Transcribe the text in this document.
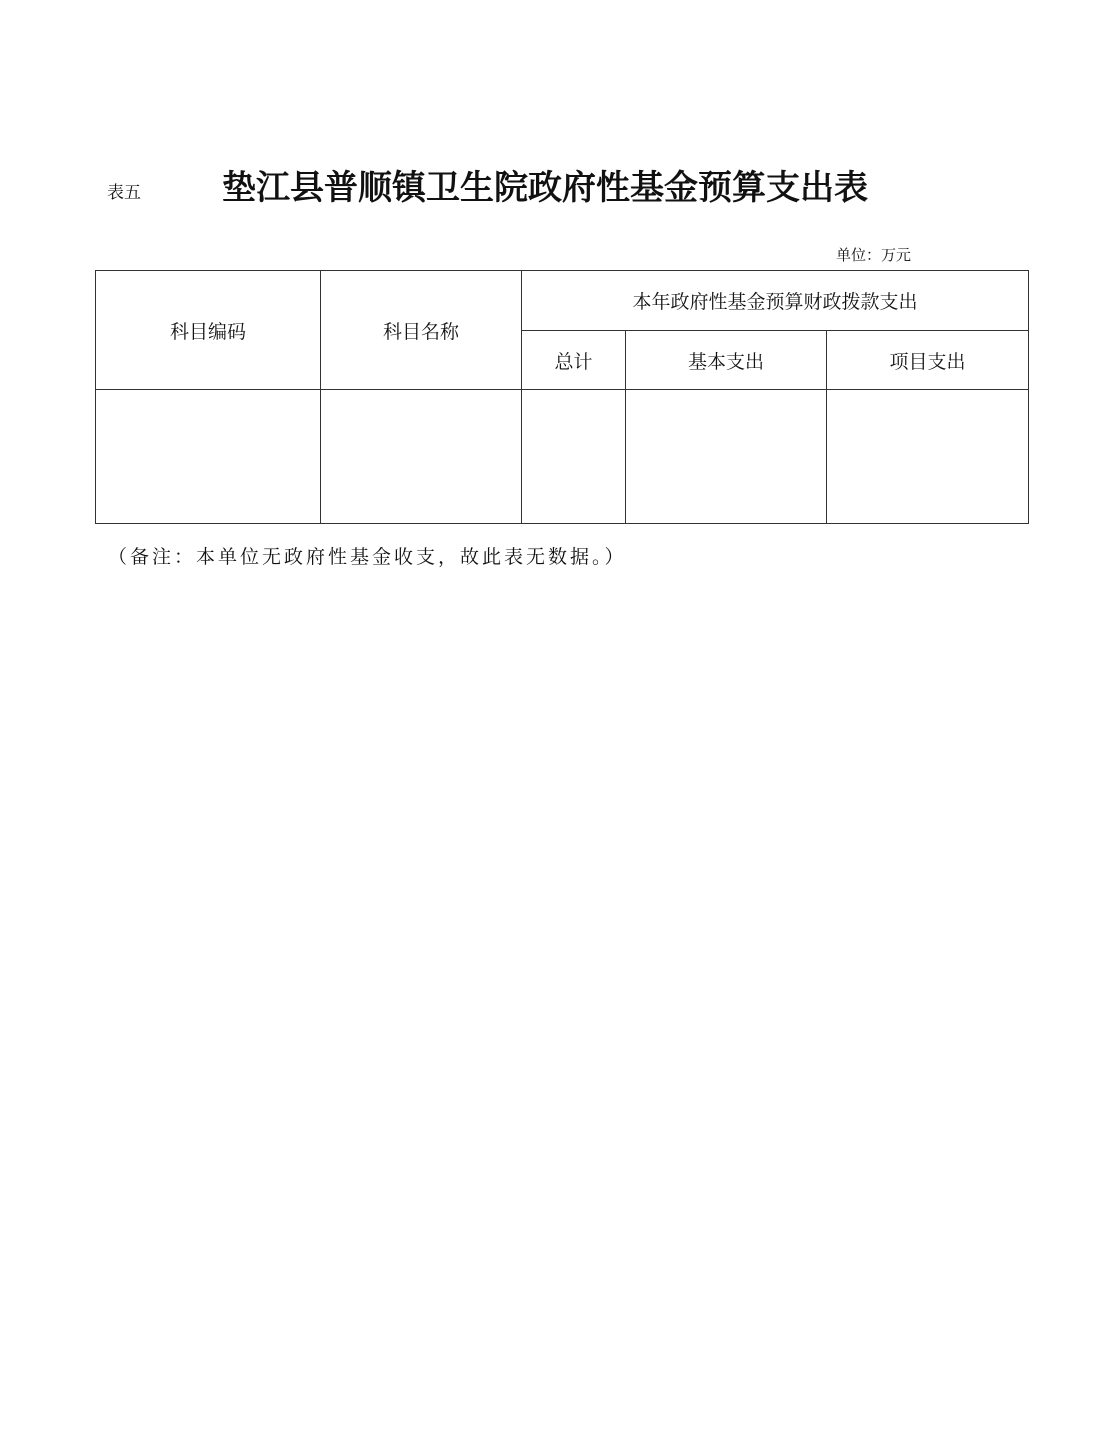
表五 垫江县普顺镇卫生院政府性基金预算支出表
单位：万元
科目编码	科目名称	本年政府性基金预算财政拨款支出		
		总计	基本支出	项目支出

（备注：本单位无政府性基金收支，故此表无数据。）
